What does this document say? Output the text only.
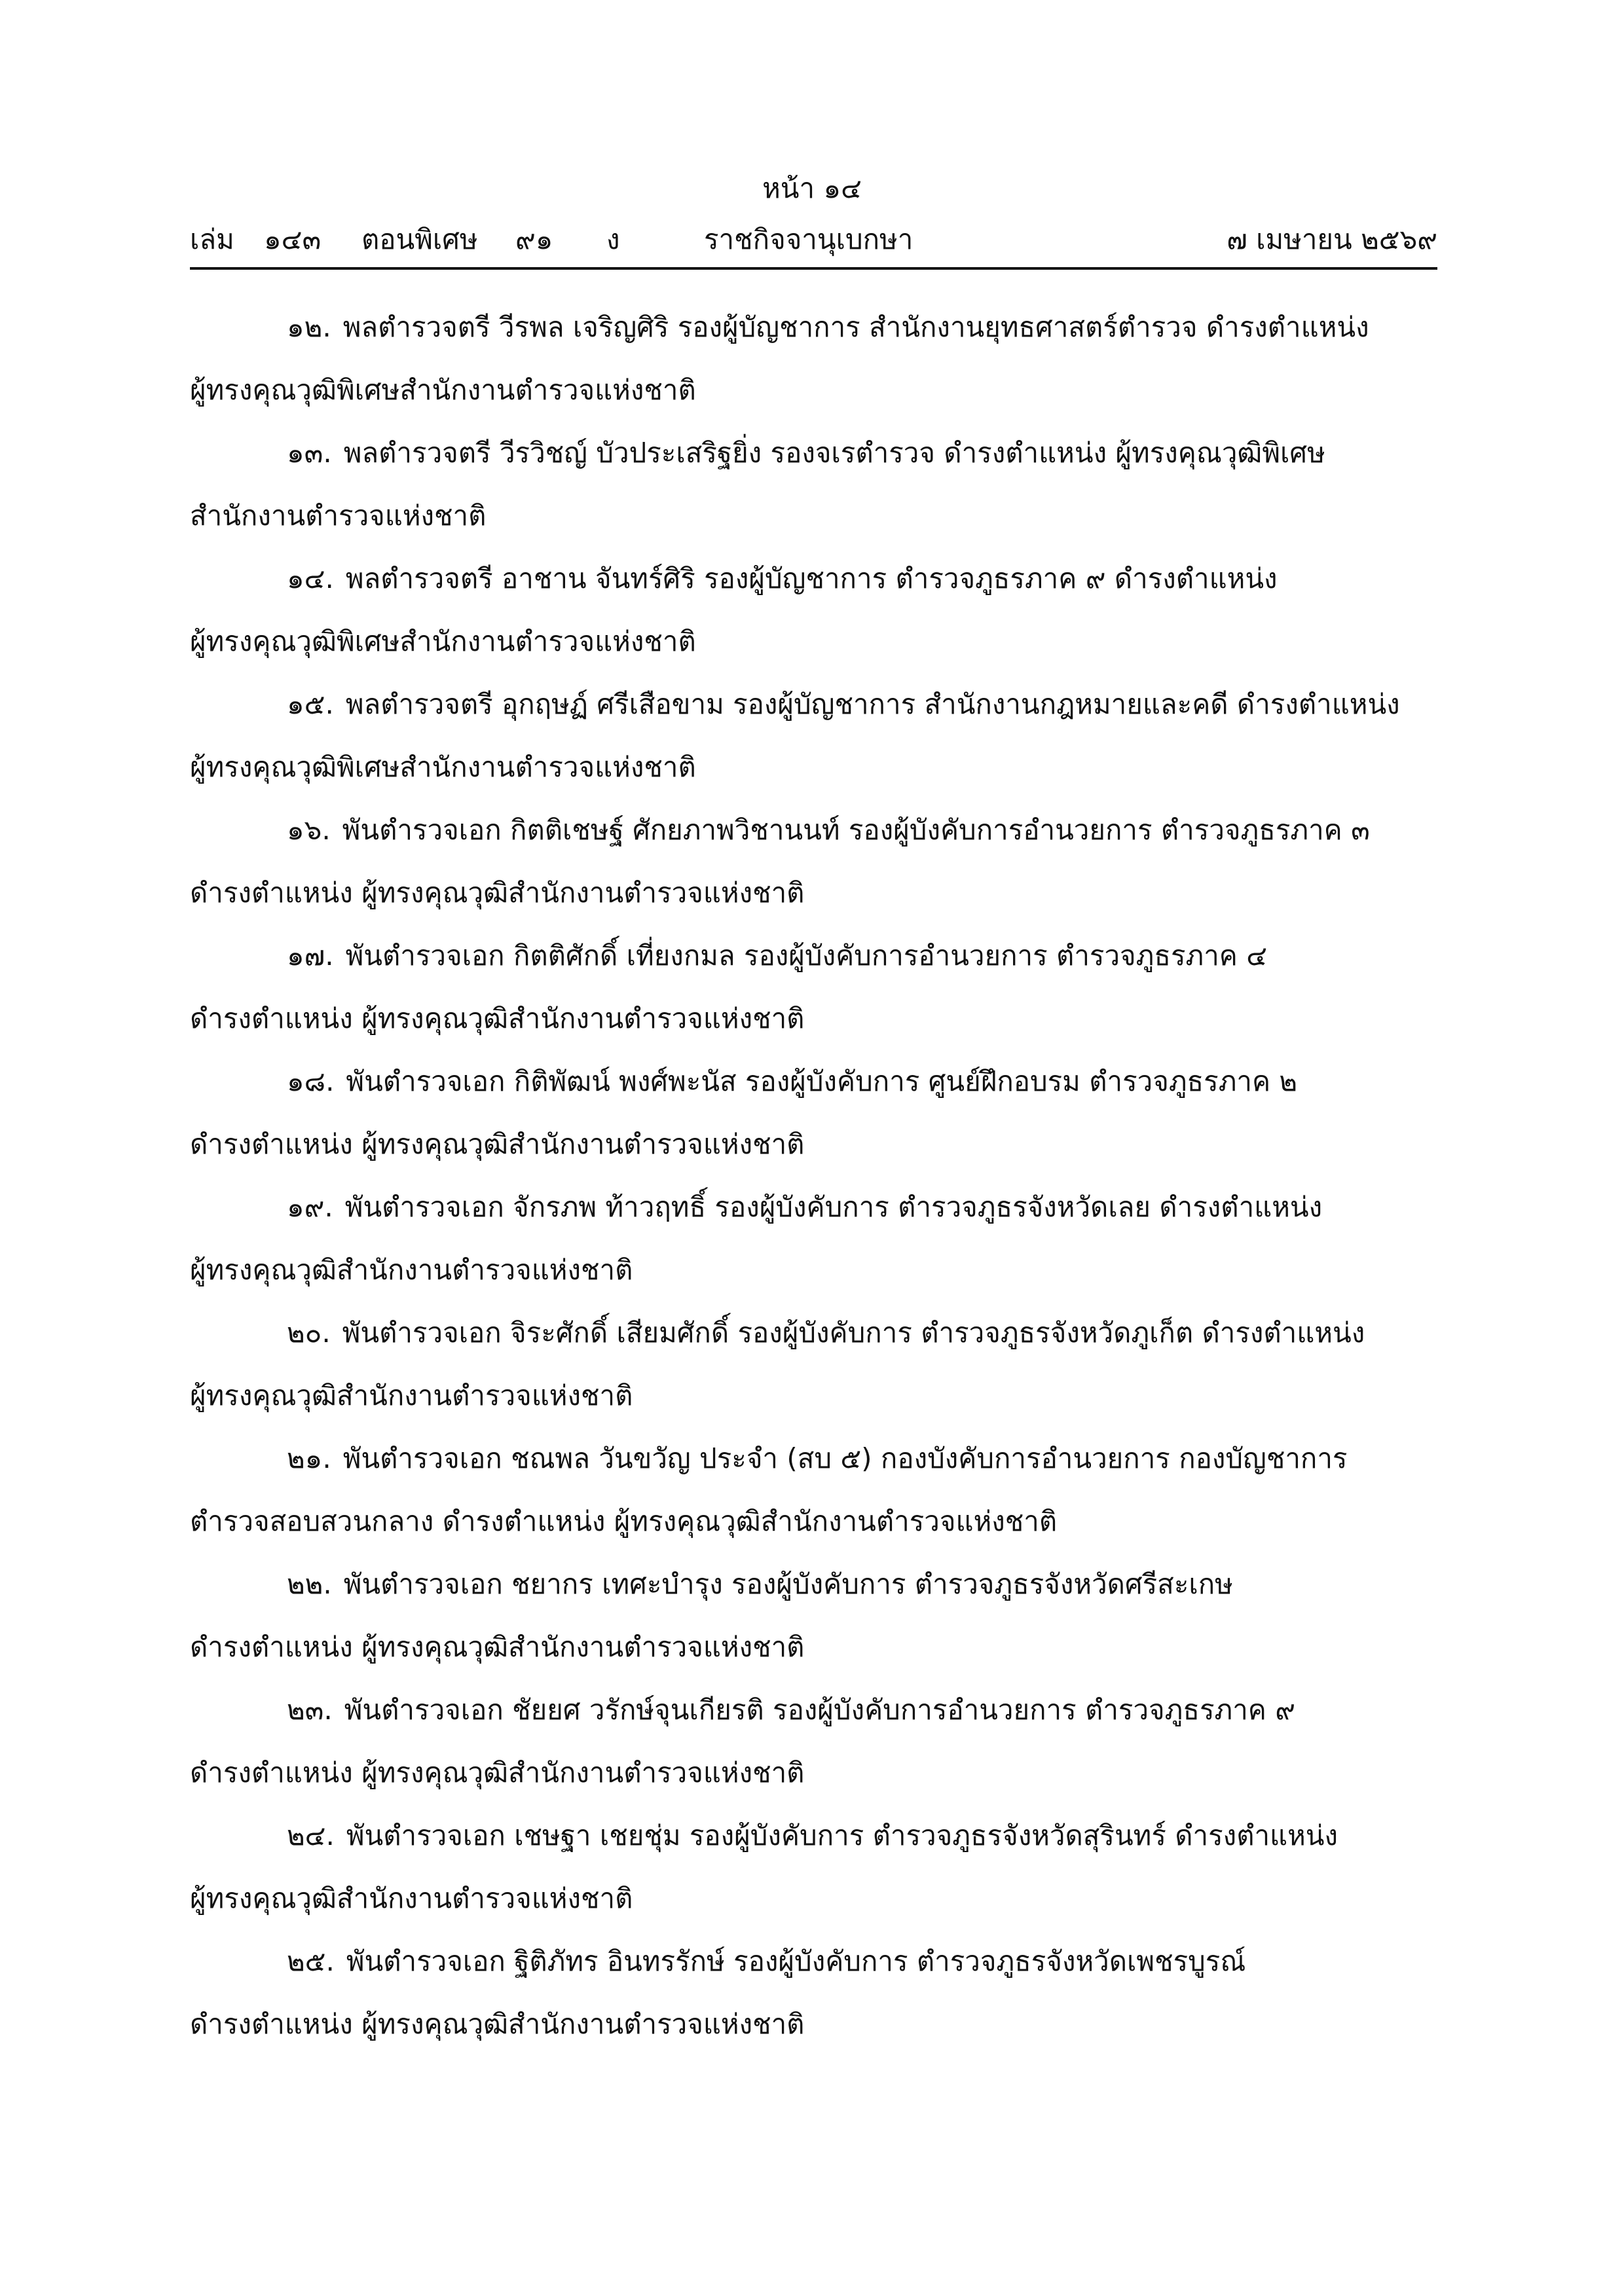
หน้า ๑๔
เล่ม ๑๔๓ ตอนพิเศษ ๙๑ ง	ราชกิจจานุเบกษา	๗ เมษายน ๒๕๖๙

๑๒. พลตำรวจตรี วีรพล เจริญศิริ รองผู้บัญชาการ สำนักงานยุทธศาสตร์ตำรวจ ดำรงตำแหน่ง
ผู้ทรงคุณวุฒิพิเศษสำนักงานตำรวจแห่งชาติ

๑๓. พลตำรวจตรี วีรวิชญ์ บัวประเสริฐยิ่ง รองจเรตำรวจ ดำรงตำแหน่ง ผู้ทรงคุณวุฒิพิเศษ
สำนักงานตำรวจแห่งชาติ

๑๔. พลตำรวจตรี อาชาน จันทร์ศิริ รองผู้บัญชาการ ตำรวจภูธรภาค ๙ ดำรงตำแหน่ง
ผู้ทรงคุณวุฒิพิเศษสำนักงานตำรวจแห่งชาติ

๑๕. พลตำรวจตรี อุกฤษฏ์ ศรีเสือขาม รองผู้บัญชาการ สำนักงานกฎหมายและคดี ดำรงตำแหน่ง
ผู้ทรงคุณวุฒิพิเศษสำนักงานตำรวจแห่งชาติ

๑๖. พันตำรวจเอก กิตติเชษฐ์ ศักยภาพวิชานนท์ รองผู้บังคับการอำนวยการ ตำรวจภูธรภาค ๓
ดำรงตำแหน่ง ผู้ทรงคุณวุฒิสำนักงานตำรวจแห่งชาติ

๑๗. พันตำรวจเอก กิตติศักดิ์ เที่ยงกมล รองผู้บังคับการอำนวยการ ตำรวจภูธรภาค ๔
ดำรงตำแหน่ง ผู้ทรงคุณวุฒิสำนักงานตำรวจแห่งชาติ

๑๘. พันตำรวจเอก กิติพัฒน์ พงศ์พะนัส รองผู้บังคับการ ศูนย์ฝึกอบรม ตำรวจภูธรภาค ๒
ดำรงตำแหน่ง ผู้ทรงคุณวุฒิสำนักงานตำรวจแห่งชาติ

๑๙. พันตำรวจเอก จักรภพ ท้าวฤทธิ์ รองผู้บังคับการ ตำรวจภูธรจังหวัดเลย ดำรงตำแหน่ง
ผู้ทรงคุณวุฒิสำนักงานตำรวจแห่งชาติ

๒๐. พันตำรวจเอก จิระศักดิ์ เสียมศักดิ์ รองผู้บังคับการ ตำรวจภูธรจังหวัดภูเก็ต ดำรงตำแหน่ง
ผู้ทรงคุณวุฒิสำนักงานตำรวจแห่งชาติ

๒๑. พันตำรวจเอก ชณพล วันขวัญ ประจำ (สบ ๕) กองบังคับการอำนวยการ กองบัญชาการ
ตำรวจสอบสวนกลาง ดำรงตำแหน่ง ผู้ทรงคุณวุฒิสำนักงานตำรวจแห่งชาติ

๒๒. พันตำรวจเอก ชยากร เทศะบำรุง รองผู้บังคับการ ตำรวจภูธรจังหวัดศรีสะเกษ
ดำรงตำแหน่ง ผู้ทรงคุณวุฒิสำนักงานตำรวจแห่งชาติ

๒๓. พันตำรวจเอก ชัยยศ วรักษ์จุนเกียรติ รองผู้บังคับการอำนวยการ ตำรวจภูธรภาค ๙
ดำรงตำแหน่ง ผู้ทรงคุณวุฒิสำนักงานตำรวจแห่งชาติ

๒๔. พันตำรวจเอก เชษฐา เชยชุ่ม รองผู้บังคับการ ตำรวจภูธรจังหวัดสุรินทร์ ดำรงตำแหน่ง
ผู้ทรงคุณวุฒิสำนักงานตำรวจแห่งชาติ

๒๕. พันตำรวจเอก ฐิติภัทร อินทรรักษ์ รองผู้บังคับการ ตำรวจภูธรจังหวัดเพชรบูรณ์
ดำรงตำแหน่ง ผู้ทรงคุณวุฒิสำนักงานตำรวจแห่งชาติ
